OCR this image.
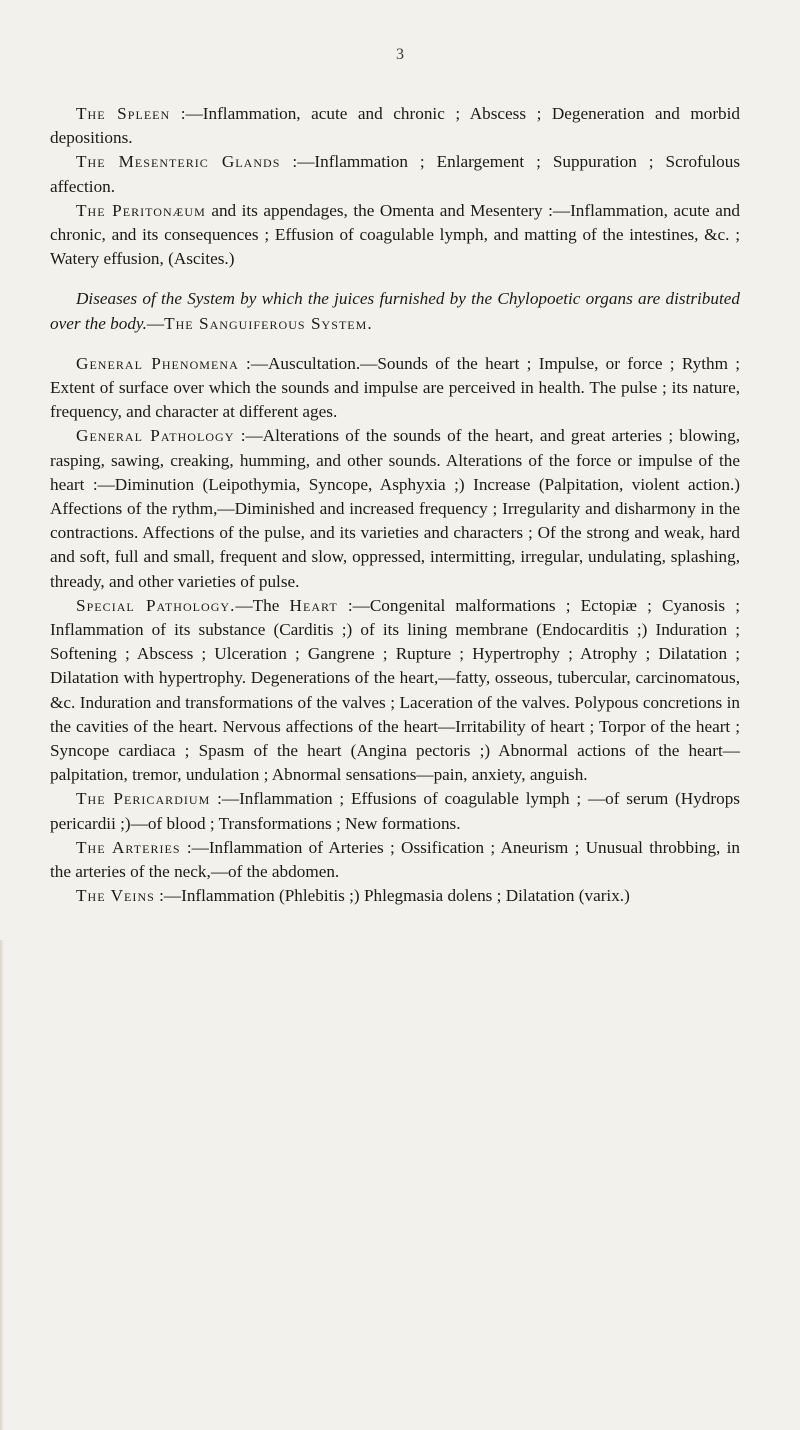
3

The Spleen :—Inflammation, acute and chronic ; Abscess ; Degeneration and morbid depositions.

The Mesenteric Glands :—Inflammation ; Enlargement ; Suppuration ; Scrofulous affection.

The Peritonæum and its appendages, the Omenta and Mesentery :—Inflammation, acute and chronic, and its consequences ; Effusion of coagulable lymph, and matting of the intestines, &c. ; Watery effusion, (Ascites.)

Diseases of the System by which the juices furnished by the Chylopoetic organs are distributed over the body.—The Sanguiferous System.

General Phenomena :—Auscultation.—Sounds of the heart ; Impulse, or force ; Rythm ; Extent of surface over which the sounds and impulse are perceived in health. The pulse ; its nature, frequency, and character at different ages.

General Pathology :—Alterations of the sounds of the heart, and great arteries ; blowing, rasping, sawing, creaking, humming, and other sounds. Alterations of the force or impulse of the heart :—Diminution (Leipothymia, Syncope, Asphyxia ;) Increase (Palpitation, violent action.) Affections of the rythm,—Diminished and increased frequency ; Irregularity and disharmony in the contractions. Affections of the pulse, and its varieties and characters ; Of the strong and weak, hard and soft, full and small, frequent and slow, oppressed, intermitting, irregular, undulating, splashing, thready, and other varieties of pulse.

Special Pathology.—The Heart :—Congenital malformations ; Ectopiæ ; Cyanosis ; Inflammation of its substance (Carditis ;) of its lining membrane (Endocarditis ;) Induration ; Softening ; Abscess ; Ulceration ; Gangrene ; Rupture ; Hypertrophy ; Atrophy ; Dilatation ; Dilatation with hypertrophy. Degenerations of the heart,—fatty, osseous, tubercular, carcinomatous, &c. Induration and transformations of the valves ; Laceration of the valves. Polypous concretions in the cavities of the heart. Nervous affections of the heart—Irritability of heart ; Torpor of the heart ; Syncope cardiaca ; Spasm of the heart (Angina pectoris ;) Abnormal actions of the heart—palpitation, tremor, undulation ; Abnormal sensations—pain, anxiety, anguish.

The Pericardium :—Inflammation ; Effusions of coagulable lymph ; —of serum (Hydrops pericardii ;)—of blood ; Transformations ; New formations.

The Arteries :—Inflammation of Arteries ; Ossification ; Aneurism ; Unusual throbbing, in the arteries of the neck,—of the abdomen.

The Veins :—Inflammation (Phlebitis ;) Phlegmasia dolens ; Dilatation (varix.)
